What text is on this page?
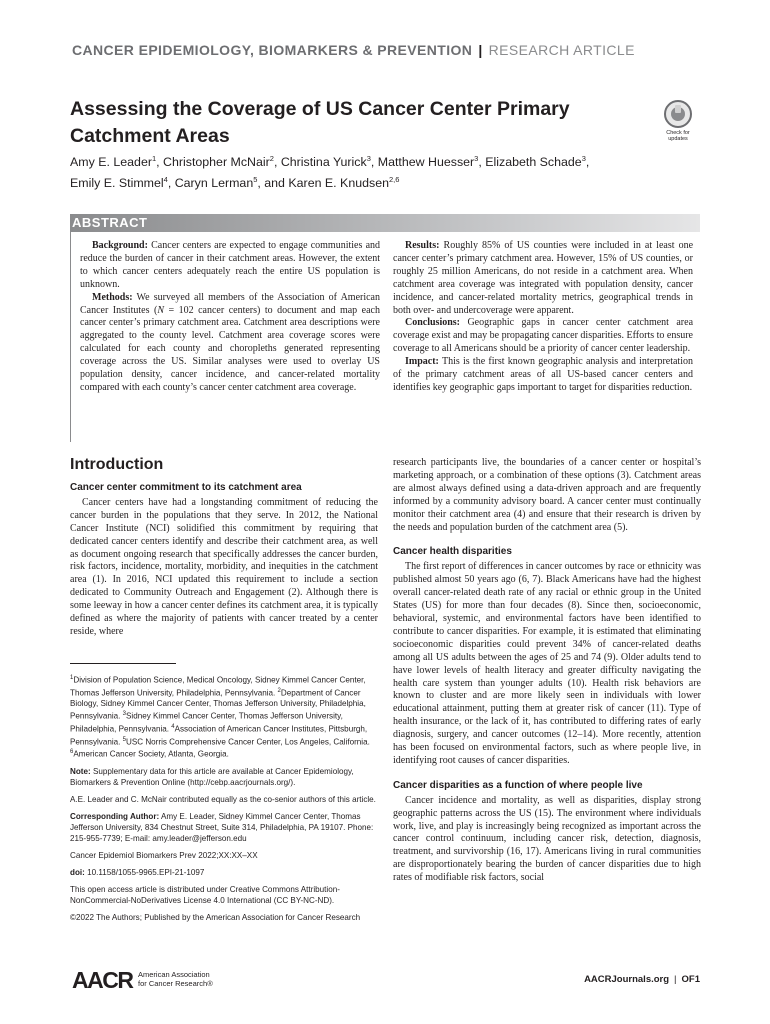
CANCER EPIDEMIOLOGY, BIOMARKERS & PREVENTION | RESEARCH ARTICLE
Assessing the Coverage of US Cancer Center Primary
Catchment Areas	Check for
updates
Amy E. Leader$^1$, Christopher McNair$^2$, Christina Yurick$^3$, Matthew Huesser$^3$, Elizabeth Schade$^3$,
Emily E. Stimmel$^4$, Caryn Lerman$^5$, and Karen E. Knudsen$^{2,6}$
ABSTRACT

Background: Cancer centers are expected to engage communities and reduce the burden of cancer in their catchment areas. However, the extent to which cancer centers adequately reach the entire US population is unknown.

Methods: We surveyed all members of the Association of American Cancer Institutes (N = 102 cancer centers) to document and map each cancer center’s primary catchment area. Catchment area descriptions were aggregated to the county level. Catchment area coverage scores were calculated for each county and choropleths generated representing coverage across the US. Similar analyses were used to overlay US population density, cancer incidence, and cancer-related mortality compared with each county’s cancer center catchment area coverage.

Results: Roughly 85% of US counties were included in at least one cancer center’s primary catchment area. However, 15% of US counties, or roughly 25 million Americans, do not reside in a catchment area. When catchment area coverage was integrated with population density, cancer incidence, and cancer-related mortality metrics, geographical trends in both over- and undercoverage were apparent.

Conclusions: Geographic gaps in cancer center catchment area coverage exist and may be propagating cancer disparities. Efforts to ensure coverage to all Americans should be a priority of cancer center leadership.

Impact: This is the first known geographic analysis and interpretation of the primary catchment areas of all US-based cancer centers and identifies key geographic gaps important to target for disparities reduction.

Introduction
Cancer center commitment to its catchment area

Cancer centers have had a longstanding commitment of reducing the cancer burden in the populations that they serve. In 2012, the National Cancer Institute (NCI) solidified this commitment by requiring that dedicated cancer centers identify and describe their catchment area, as well as document ongoing research that specifically addresses the cancer burden, risk factors, incidence, mortality, morbidity, and inequities in the catchment area (1). In 2016, NCI updated this requirement to include a section dedicated to Community Outreach and Engagement (2). Although there is some leeway in how a cancer center defines its catchment area, it is typically defined as where the majority of patients with cancer treated by a center reside, where

research participants live, the boundaries of a cancer center or hospital’s marketing approach, or a combination of these options (3). Catchment areas are almost always defined using a data-driven approach and are frequently informed by a community advisory board. A cancer center must continually monitor their catchment area (4) and ensure that their research is driven by the needs and population burden of the catchment area (5).

Cancer health disparities

The first report of differences in cancer outcomes by race or ethnicity was published almost 50 years ago (6, 7). Black Americans have had the highest overall cancer-related death rate of any racial or ethnic group in the United States (US) for more than four decades (8). Since then, socioeconomic, behavioral, systemic, and environmental factors have been identified to contribute to cancer disparities. For example, it is estimated that eliminating socioeconomic disparities could prevent 34% of cancer-related deaths among all US adults between the ages of 25 and 74 (9). Older adults tend to have lower levels of health literacy and greater difficulty navigating the health care system than younger adults (10). Health risk behaviors are known to cluster and are more likely seen in individuals with lower educational attainment, putting them at greater risk of cancer (11). Type of health insurance, or the lack of it, has contributed to differing rates of early diagnosis, surgery, and cancer outcomes (12–14). More recently, attention has been focused on environmental factors, such as where people live, in identifying root causes of cancer disparities.

Cancer disparities as a function of where people live

Cancer incidence and mortality, as well as disparities, display strong geographic patterns across the US (15). The environment where individuals work, live, and play is increasingly being recognized as important across the cancer control continuum, including cancer risk, detection, diagnosis, treatment, and survivorship (16, 17). Americans living in rural communities are disproportionately bearing the burden of cancer disparities due to high rates of modifiable risk factors, social

$^1$Division of Population Science, Medical Oncology, Sidney Kimmel Cancer Center, Thomas Jefferson University, Philadelphia, Pennsylvania. $^2$Department of Cancer Biology, Sidney Kimmel Cancer Center, Thomas Jefferson University, Philadelphia, Pennsylvania. $^3$Sidney Kimmel Cancer Center, Thomas Jefferson University, Philadelphia, Pennsylvania. $^4$Association of American Cancer Institutes, Pittsburgh, Pennsylvania. $^5$USC Norris Comprehensive Cancer Center, Los Angeles, California. $^6$American Cancer Society, Atlanta, Georgia.

Note: Supplementary data for this article are available at Cancer Epidemiology, Biomarkers & Prevention Online (http://cebp.aacrjournals.org/).

A.E. Leader and C. McNair contributed equally as the co-senior authors of this article.

Corresponding Author: Amy E. Leader, Sidney Kimmel Cancer Center, Thomas Jefferson University, 834 Chestnut Street, Suite 314, Philadelphia, PA 19107. Phone: 215-955-7739; E-mail: amy.leader@jefferson.edu

Cancer Epidemiol Biomarkers Prev 2022;XX:XX–XX

doi: 10.1158/1055-9965.EPI-21-1097

This open access article is distributed under Creative Commons Attribution-NonCommercial-NoDerivatives License 4.0 International (CC BY-NC-ND).

©2022 The Authors; Published by the American Association for Cancer Research

AACR American Association
for Cancer Research®	AACRJournals.org | OF1
